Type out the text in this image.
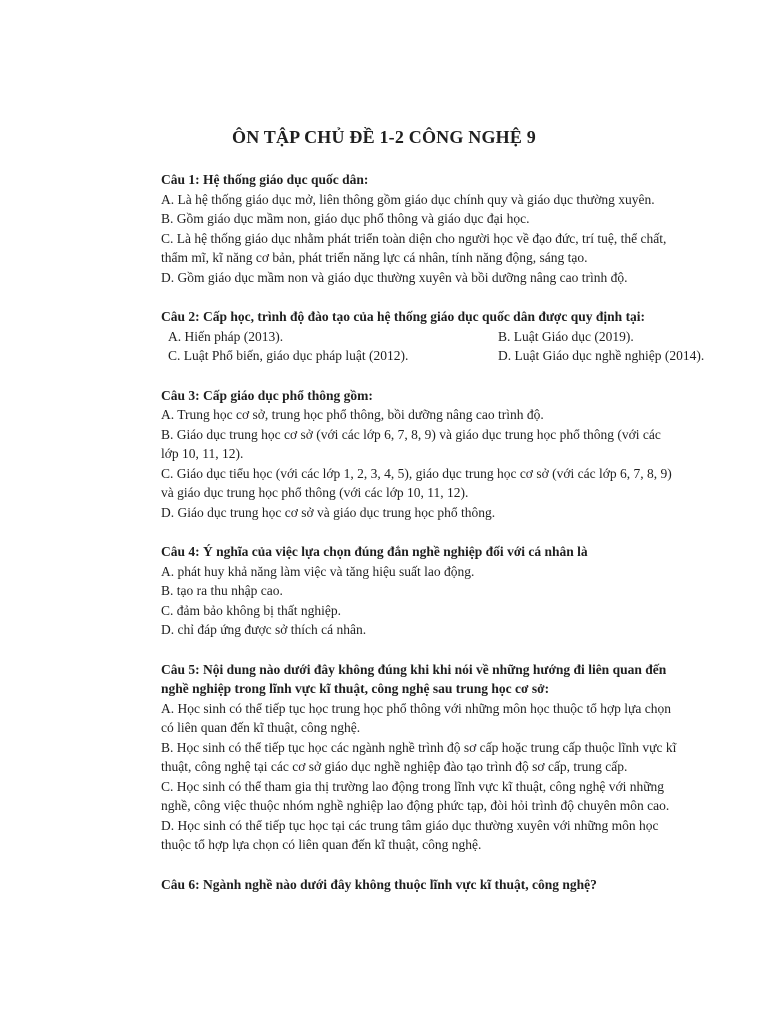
ÔN TẬP CHỦ ĐỀ 1-2 CÔNG NGHỆ 9
Câu 1: Hệ thống giáo dục quốc dân:
A. Là hệ thống giáo dục mở, liên thông gồm giáo dục chính quy và giáo dục thường xuyên.
B. Gồm giáo dục mầm non, giáo dục phổ thông và giáo dục đại học.
C. Là hệ thống giáo dục nhằm phát triển toàn diện cho người học về đạo đức, trí tuệ, thể chất, thẩm mĩ, kĩ năng cơ bản, phát triển năng lực cá nhân, tính năng động, sáng tạo.
D. Gồm giáo dục mầm non và giáo dục thường xuyên và bồi dưỡng nâng cao trình độ.
Câu 2: Cấp học, trình độ đào tạo của hệ thống giáo dục quốc dân được quy định tại:
A. Hiến pháp (2013).	B. Luật Giáo dục (2019).
C. Luật Phổ biến, giáo dục pháp luật (2012).	D. Luật Giáo dục nghề nghiệp (2014).
Câu 3: Cấp giáo dục phổ thông gồm:
A. Trung học cơ sở, trung học phổ thông, bồi dưỡng nâng cao trình độ.
B. Giáo dục trung học cơ sở (với các lớp 6, 7, 8, 9) và giáo dục trung học phổ thông (với các lớp 10, 11, 12).
C. Giáo dục tiểu học (với các lớp 1, 2, 3, 4, 5), giáo dục trung học cơ sở (với các lớp 6, 7, 8, 9) và giáo dục trung học phổ thông (với các lớp 10, 11, 12).
D. Giáo dục trung học cơ sở và giáo dục trung học phổ thông.
Câu 4: Ý nghĩa của việc lựa chọn đúng đắn nghề nghiệp đối với cá nhân là
A. phát huy khả năng làm việc và tăng hiệu suất lao động.
B. tạo ra thu nhập cao.
C. đảm bảo không bị thất nghiệp.
D. chỉ đáp ứng được sở thích cá nhân.
Câu 5: Nội dung nào dưới đây không đúng khi khi nói về những hướng đi liên quan đến nghề nghiệp trong lĩnh vực kĩ thuật, công nghệ sau trung học cơ sở:
A. Học sinh có thể tiếp tục học trung học phổ thông với những môn học thuộc tổ hợp lựa chọn có liên quan đến kĩ thuật, công nghệ.
B. Học sinh có thể tiếp tục học các ngành nghề trình độ sơ cấp hoặc trung cấp thuộc lĩnh vực kĩ thuật, công nghệ tại các cơ sở giáo dục nghề nghiệp đào tạo trình độ sơ cấp, trung cấp.
C. Học sinh có thể tham gia thị trường lao động trong lĩnh vực kĩ thuật, công nghệ với những nghề, công việc thuộc nhóm nghề nghiệp lao động phức tạp, đòi hỏi trình độ chuyên môn cao.
D. Học sinh có thể tiếp tục học tại các trung tâm giáo dục thường xuyên với những môn học thuộc tổ hợp lựa chọn có liên quan đến kĩ thuật, công nghệ.
Câu 6: Ngành nghề nào dưới đây không thuộc lĩnh vực kĩ thuật, công nghệ?
